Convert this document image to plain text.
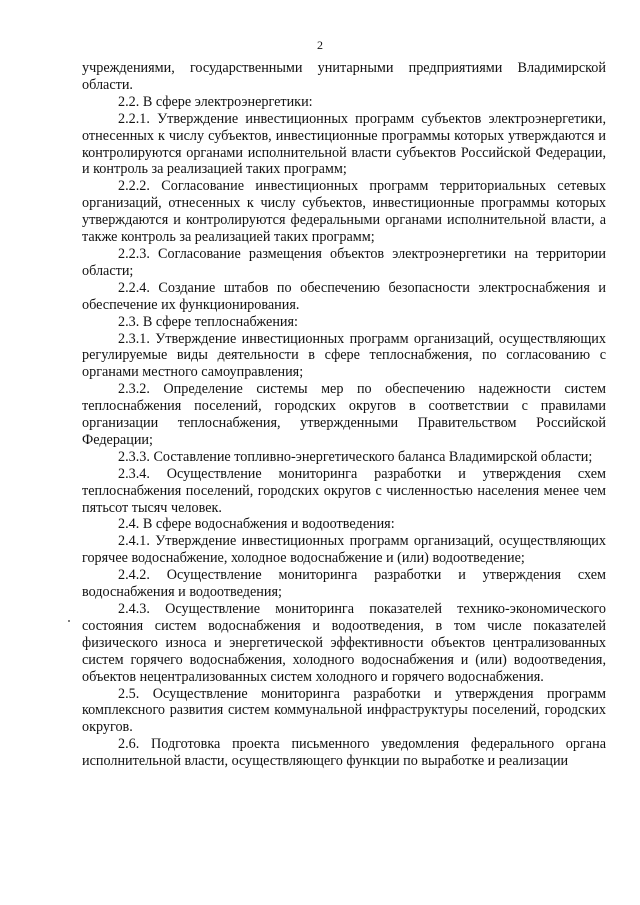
2

учреждениями, государственными унитарными предприятиями Владимирской области.

2.2. В сфере электроэнергетики:

2.2.1. Утверждение инвестиционных программ субъектов электроэнергетики, отнесенных к числу субъектов, инвестиционные программы которых утверждаются и контролируются органами исполнительной власти субъектов Российской Федерации, и контроль за реализацией таких программ;

2.2.2. Согласование инвестиционных программ территориальных сетевых организаций, отнесенных к числу субъектов, инвестиционные программы которых утверждаются и контролируются федеральными органами исполнительной власти, а также контроль за реализацией таких программ;

2.2.3. Согласование размещения объектов электроэнергетики на территории области;

2.2.4. Создание штабов по обеспечению безопасности электроснабжения и обеспечение их функционирования.

2.3. В сфере теплоснабжения:

2.3.1. Утверждение инвестиционных программ организаций, осуществляющих регулируемые виды деятельности в сфере теплоснабжения, по согласованию с органами местного самоуправления;

2.3.2. Определение системы мер по обеспечению надежности систем теплоснабжения поселений, городских округов в соответствии с правилами организации теплоснабжения, утвержденными Правительством Российской Федерации;

2.3.3. Составление топливно-энергетического баланса Владимирской области;

2.3.4. Осуществление мониторинга разработки и утверждения схем теплоснабжения поселений, городских округов с численностью населения менее чем пятьсот тысяч человек.

2.4. В сфере водоснабжения и водоотведения:

2.4.1. Утверждение инвестиционных программ организаций, осуществляющих горячее водоснабжение, холодное водоснабжение и (или) водоотведение;

2.4.2. Осуществление мониторинга разработки и утверждения схем водоснабжения и водоотведения;

2.4.3. Осуществление мониторинга показателей технико-экономического состояния систем водоснабжения и водоотведения, в том числе показателей физического износа и энергетической эффективности объектов централизованных систем горячего водоснабжения, холодного водоснабжения и (или) водоотведения, объектов нецентрализованных систем холодного и горячего водоснабжения.

2.5. Осуществление мониторинга разработки и утверждения программ комплексного развития систем коммунальной инфраструктуры поселений, городских округов.

2.6. Подготовка проекта письменного уведомления федерального органа исполнительной власти, осуществляющего функции по выработке и реализации
